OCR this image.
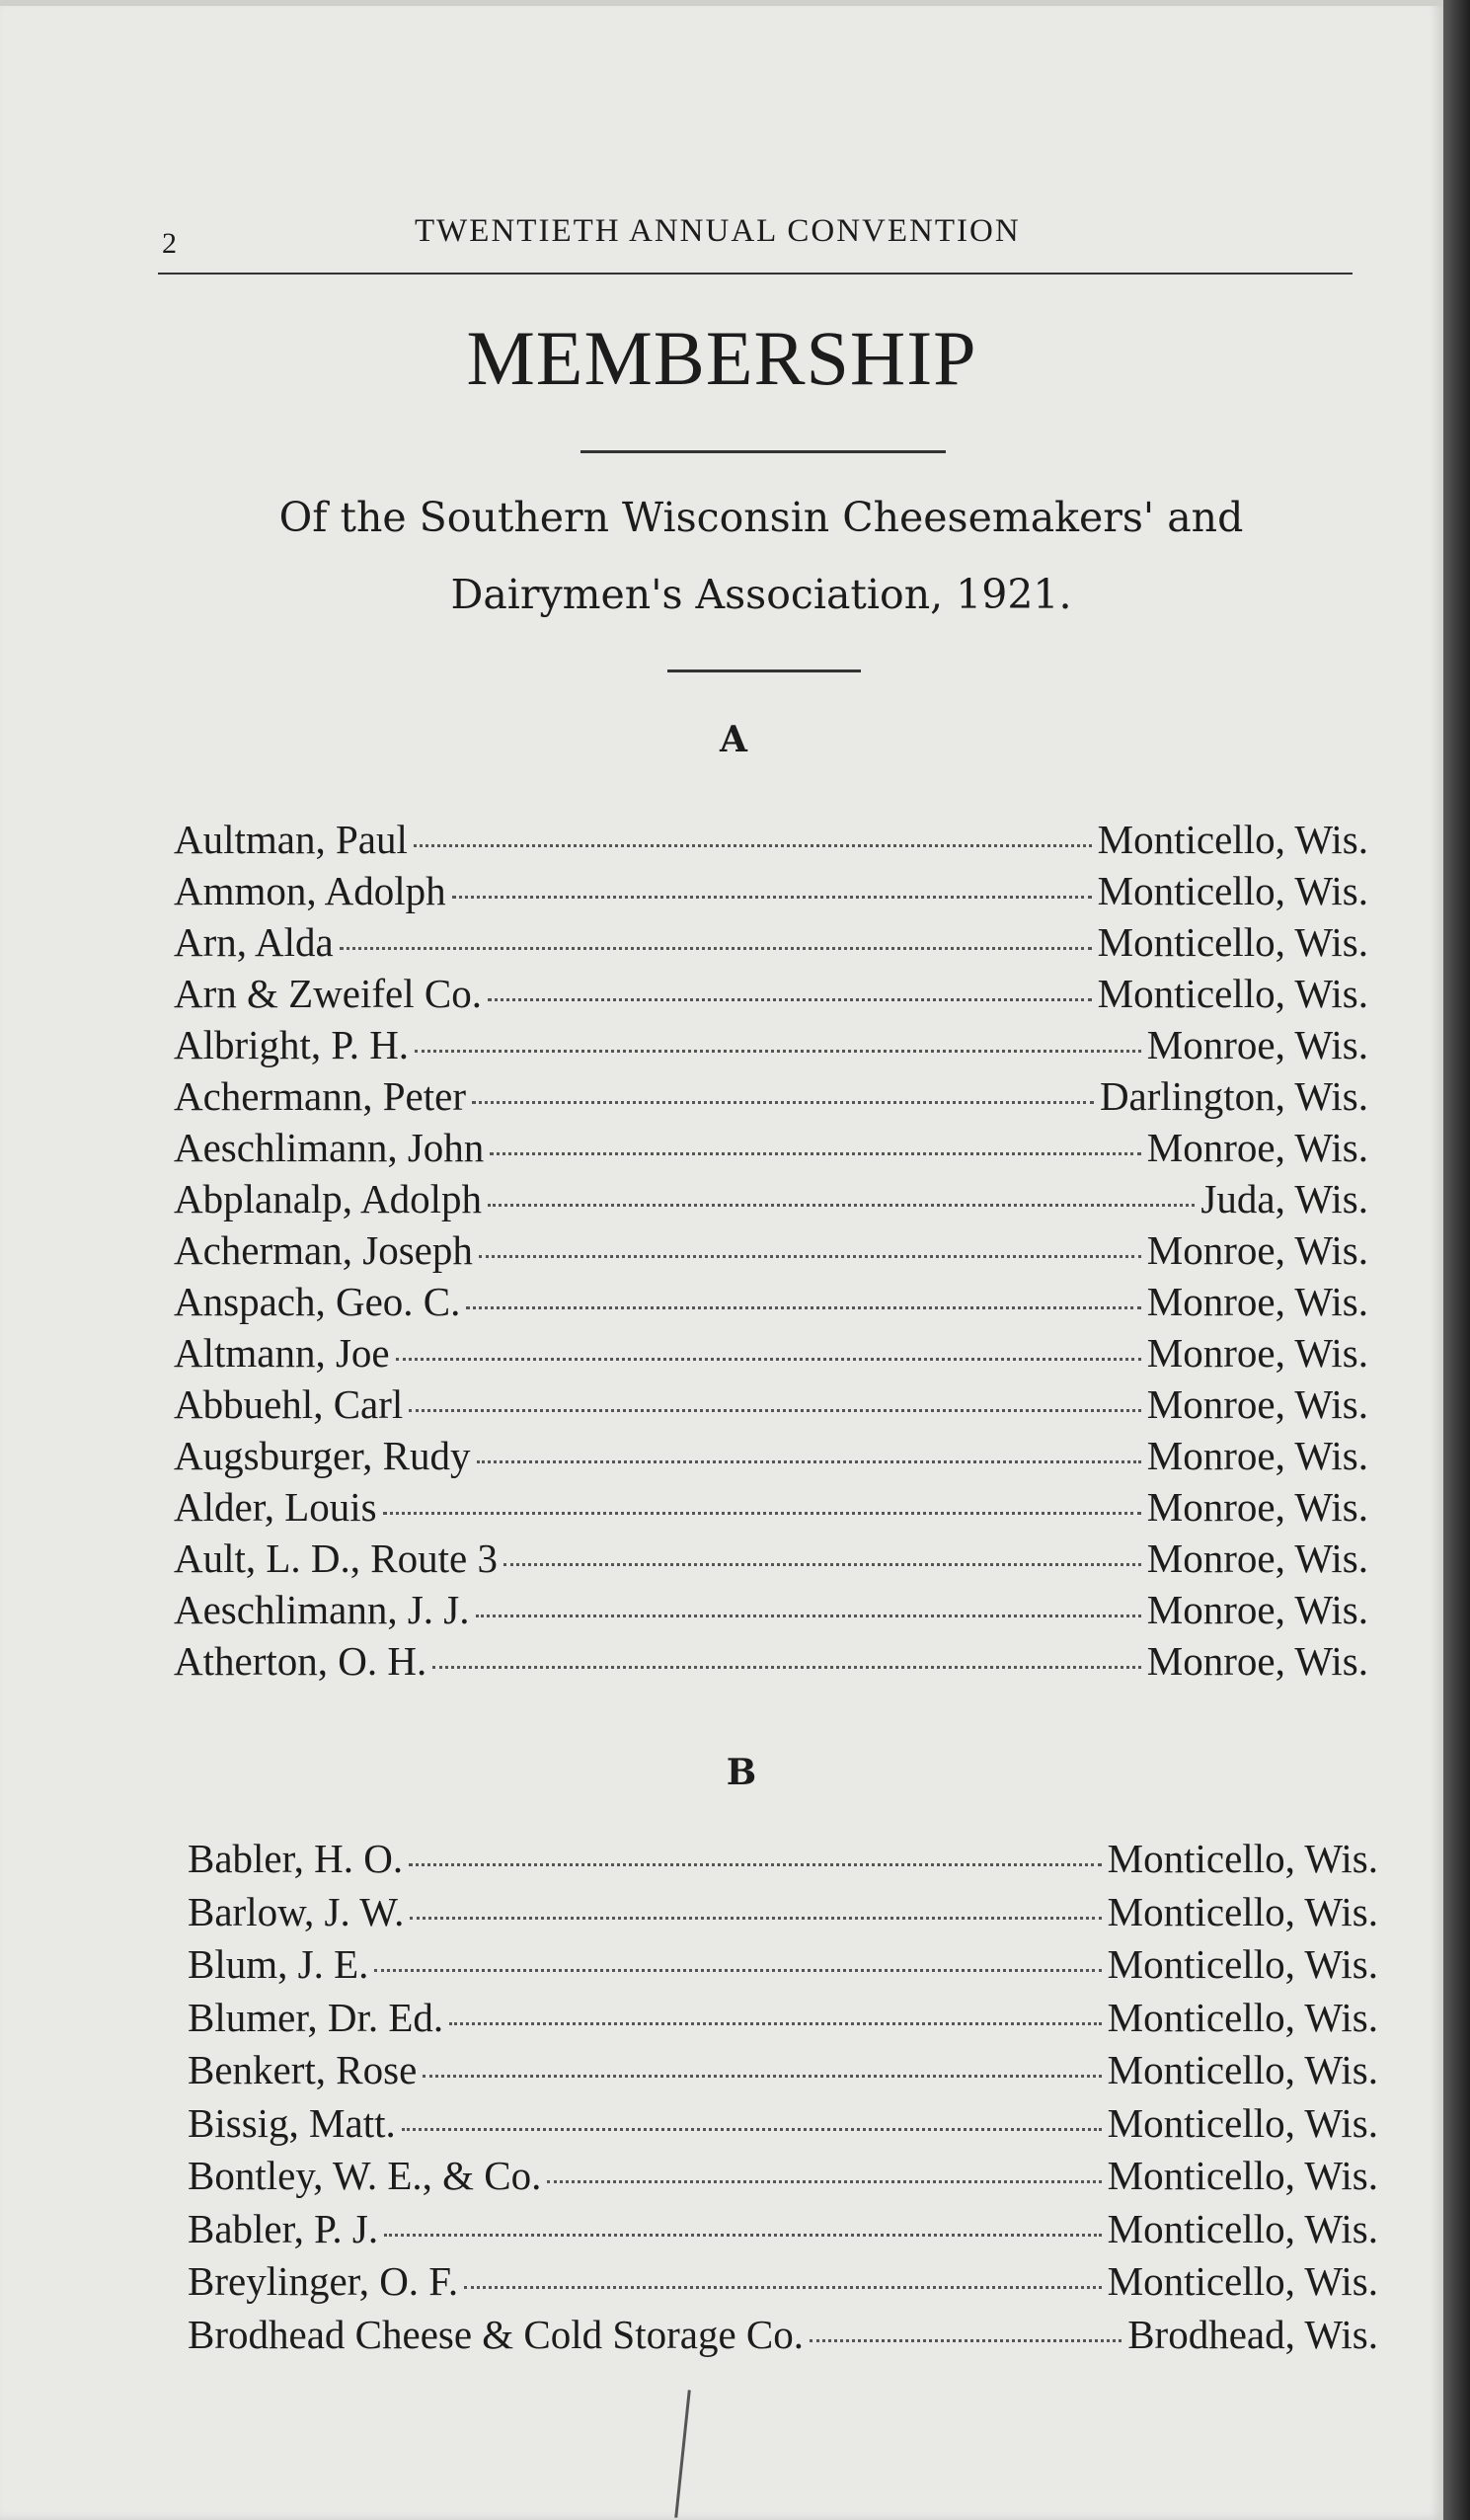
2	TWENTIETH ANNUAL CONVENTION
MEMBERSHIP
Of the Southern Wisconsin Cheesemakers' and
Dairymen's Association, 1921.
A
Aultman, Paul	Monticello, Wis.
Ammon, Adolph	Monticello, Wis.
Arn, Alda	Monticello, Wis.
Arn & Zweifel Co.	Monticello, Wis.
Albright, P. H.	Monroe, Wis.
Achermann, Peter	Darlington, Wis.
Aeschlimann, John	Monroe, Wis.
Abplanalp, Adolph	Juda, Wis.
Acherman, Joseph	Monroe, Wis.
Anspach, Geo. C.	Monroe, Wis.
Altmann, Joe	Monroe, Wis.
Abbuehl, Carl	Monroe, Wis.
Augsburger, Rudy	Monroe, Wis.
Alder, Louis	Monroe, Wis.
Ault, L. D., Route 3	Monroe, Wis.
Aeschlimann, J. J.	Monroe, Wis.
Atherton, O. H.	Monroe, Wis.
B
Babler, H. O.	Monticello, Wis.
Barlow, J. W.	Monticello, Wis.
Blum, J. E.	Monticello, Wis.
Blumer, Dr. Ed.	Monticello, Wis.
Benkert, Rose	Monticello, Wis.
Bissig, Matt.	Monticello, Wis.
Bontley, W. E., & Co.	Monticello, Wis.
Babler, P. J.	Monticello, Wis.
Breylinger, O. F.	Monticello, Wis.
Brodhead Cheese & Cold Storage Co.	Brodhead, Wis.
